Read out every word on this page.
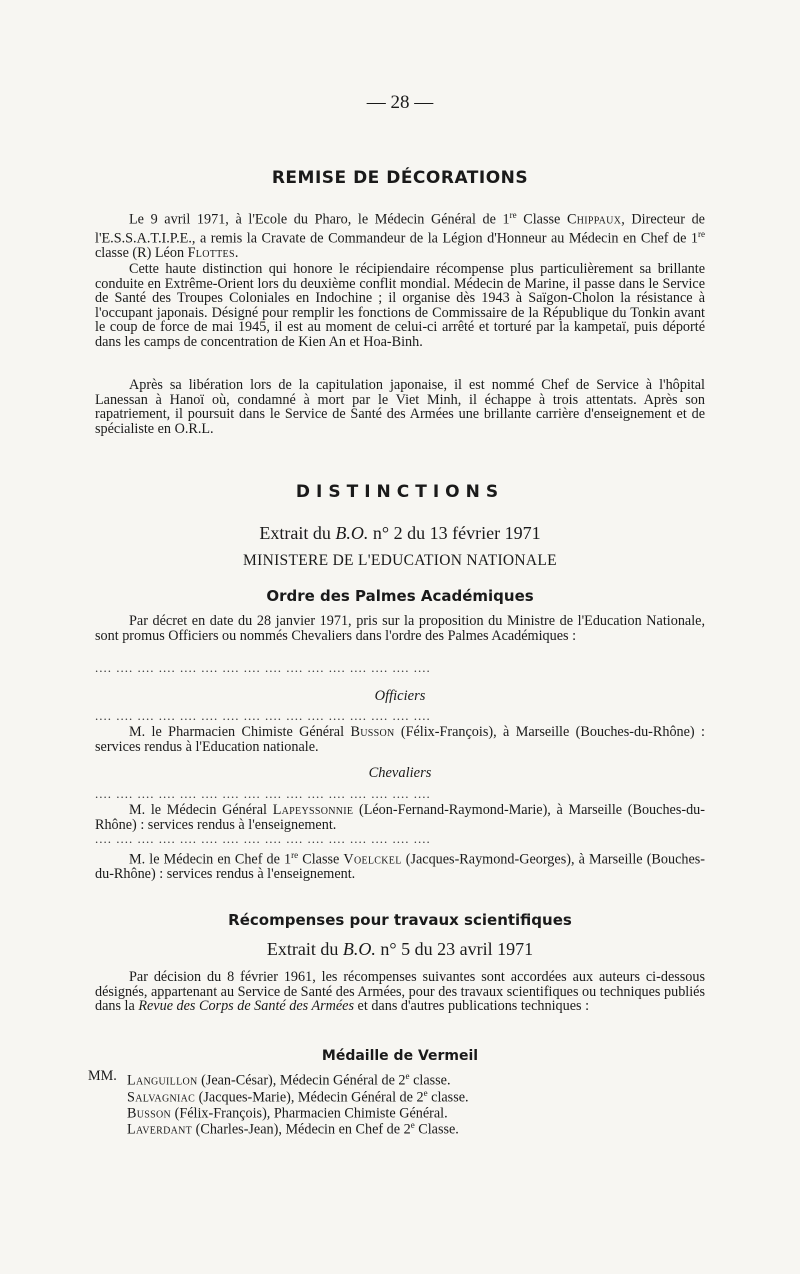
— 28 —
REMISE DE DÉCORATIONS

Le 9 avril 1971, à l'Ecole du Pharo, le Médecin Général de 1re Classe Chippaux, Directeur de l'E.S.S.A.T.I.P.E., a remis la Cravate de Commandeur de la Légion d'Honneur au Médecin en Chef de 1re classe (R) Léon Flottes.

Cette haute distinction qui honore le récipiendaire récompense plus particulièrement sa brillante conduite en Extrême-Orient lors du deuxième conflit mondial. Médecin de Marine, il passe dans le Service de Santé des Troupes Coloniales en Indochine ; il organise dès 1943 à Saïgon-Cholon la résistance à l'occupant japonais. Désigné pour remplir les fonctions de Commissaire de la République du Tonkin avant le coup de force de mai 1945, il est au moment de celui-ci arrêté et torturé par la kampetaï, puis déporté dans les camps de concentration de Kien An et Hoa-Binh.

Après sa libération lors de la capitulation japonaise, il est nommé Chef de Service à l'hôpital Lanessan à Hanoï où, condamné à mort par le Viet Minh, il échappe à trois attentats. Après son rapatriement, il poursuit dans le Service de Santé des Armées une brillante carrière d'enseignement et de spécialiste en O.R.L.

DISTINCTIONS
Extrait du B.O. n° 2 du 13 février 1971
MINISTERE DE L'EDUCATION NATIONALE
Ordre des Palmes Académiques

Par décret en date du 28 janvier 1971, pris sur la proposition du Ministre de l'Education Nationale, sont promus Officiers ou nommés Chevaliers dans l'ordre des Palmes Académiques :

.... .... .... .... .... .... .... .... .... .... .... .... .... .... .... ....
Officiers
.... .... .... .... .... .... .... .... .... .... .... .... .... .... .... ....

M. le Pharmacien Chimiste Général Busson (Félix-François), à Marseille (Bouches-du-Rhône) : services rendus à l'Education nationale.

Chevaliers
.... .... .... .... .... .... .... .... .... .... .... .... .... .... .... ....

M. le Médecin Général Lapeyssonnie (Léon-Fernand-Raymond-Marie), à Marseille (Bouches-du-Rhône) : services rendus à l'enseignement.

.... .... .... .... .... .... .... .... .... .... .... .... .... .... .... ....

M. le Médecin en Chef de 1re Classe Voelckel (Jacques-Raymond-Georges), à Marseille (Bouches-du-Rhône) : services rendus à l'enseignement.

Récompenses pour travaux scientifiques
Extrait du B.O. n° 5 du 23 avril 1971

Par décision du 8 février 1961, les récompenses suivantes sont accordées aux auteurs ci-dessous désignés, appartenant au Service de Santé des Armées, pour des travaux scientifiques ou techniques publiés dans la Revue des Corps de Santé des Armées et dans d'autres publications techniques :

Médaille de Vermeil
MM. Languillon (Jean-César), Médecin Général de 2e classe.
Salvagniac (Jacques-Marie), Médecin Général de 2e classe.
Busson (Félix-François), Pharmacien Chimiste Général.
Laverdant (Charles-Jean), Médecin en Chef de 2e Classe.
